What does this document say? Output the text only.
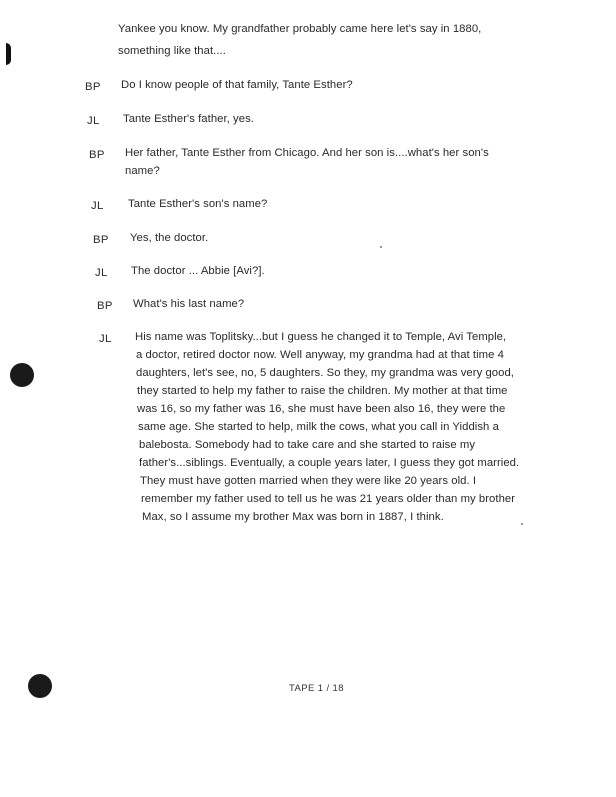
Yankee you know. My grandfather probably came here let's say in 1880,

something like that....

BP Do I know people of that family, Tante Esther?

JL Tante Esther's father, yes.

BP Her father, Tante Esther from Chicago. And her son is....what's her son's

name?

JL Tante Esther's son's name?

BP Yes, the doctor.

JL The doctor ... Abbie [Avi?].

BP What's his last name?

JL His name was Toplitsky...but I guess he changed it to Temple, Avi Temple,

a doctor, retired doctor now. Well anyway, my grandma had at that time 4

daughters, let's see, no, 5 daughters. So they, my grandma was very good,

they started to help my father to raise the children. My mother at that time

was 16, so my father was 16, she must have been also 16, they were the

same age. She started to help, milk the cows, what you call in Yiddish a

balebosta. Somebody had to take care and she started to raise my

father's...siblings. Eventually, a couple years later, I guess they got married.

They must have gotten married when they were like 20 years old. I

remember my father used to tell us he was 21 years older than my brother

Max, so I assume my brother Max was born in 1887, I think.

TAPE 1 / 18
